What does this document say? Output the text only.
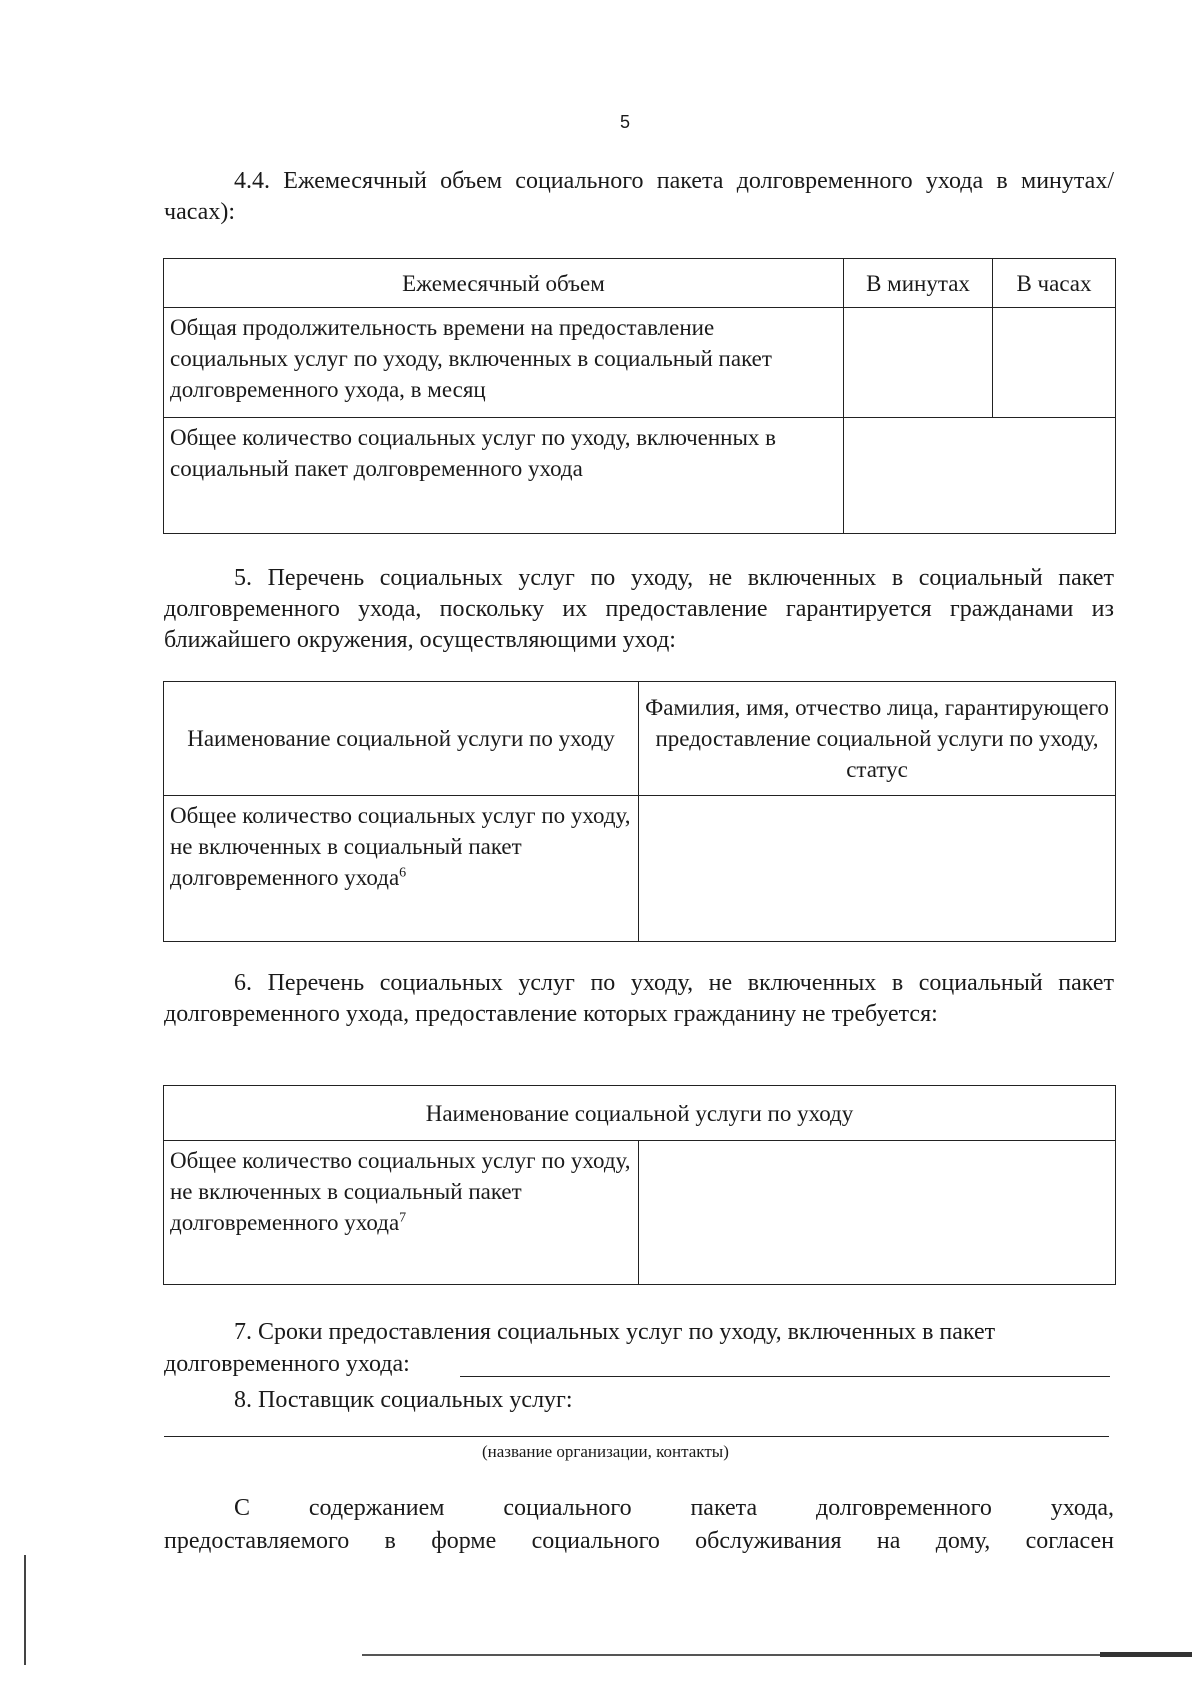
5
4.4. Ежемесячный объем социального пакета долговременного ухода в минутах/часах):
Ежемесячный объем	В минутах	В часах
Общая продолжительность времени на предоставление социальных услуг по уходу, включенных в социальный пакет долговременного ухода, в месяц		
Общее количество социальных услуг по уходу, включенных в социальный пакет долговременного ухода		
5. Перечень социальных услуг по уходу, не включенных в социальный пакет долговременного ухода, поскольку их предоставление гарантируется гражданами из ближайшего окружения, осуществляющими уход:
Наименование социальной услуги по уходу	Фамилия, имя, отчество лица, гарантирующего предоставление социальной услуги по уходу, статус
Общее количество социальных услуг по уходу, не включенных в социальный пакет долговременного ухода$^6$	
6. Перечень социальных услуг по уходу, не включенных в социальный пакет долговременного ухода, предоставление которых гражданину не требуется:
Наименование социальной услуги по уходу
Общее количество социальных услуг по уходу, не включенных в социальный пакет долговременного ухода$^7$	
7. Сроки предоставления социальных услуг по уходу, включенных в пакет
долговременного ухода:
8. Поставщик социальных услуг:
(название организации, контакты)
С содержанием социального пакета долговременного ухода,
предоставляемого в форме социального обслуживания на дому, согласен
